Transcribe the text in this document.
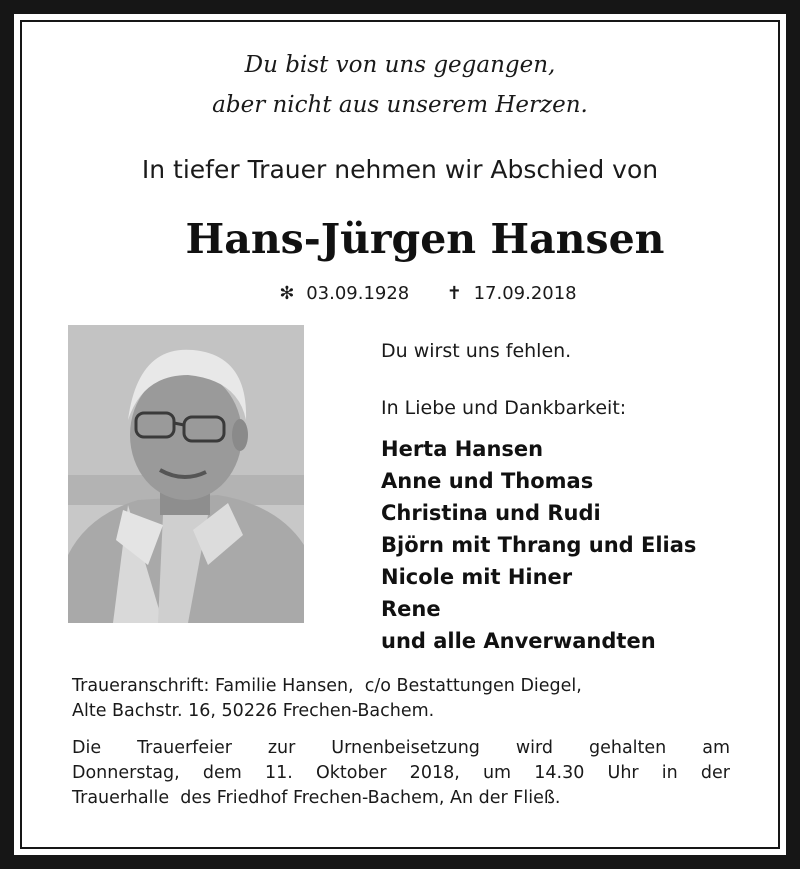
Du bist von uns gegangen,
aber nicht aus unserem Herzen.
In tiefer Trauer nehmen wir Abschied von
Hans-Jürgen Hansen
✻ 03.09.1928 ✝ 17.09.2018
Du wirst uns fehlen.
In Liebe und Dankbarkeit:
Herta Hansen
Anne und Thomas
Christina und Rudi
Björn mit Thrang und Elias
Nicole mit Hiner
Rene
und alle Anverwandten
Traueranschrift: Familie Hansen,  c/o Bestattungen Diegel,
Alte Bachstr. 16, 50226 Frechen-Bachem.
Die Trauerfeier zur Urnenbeisetzung wird gehalten am
Donnerstag, dem 11. Oktober 2018, um 14.30 Uhr in der
Trauerhalle  des Friedhof Frechen-Bachem, An der Fließ.
